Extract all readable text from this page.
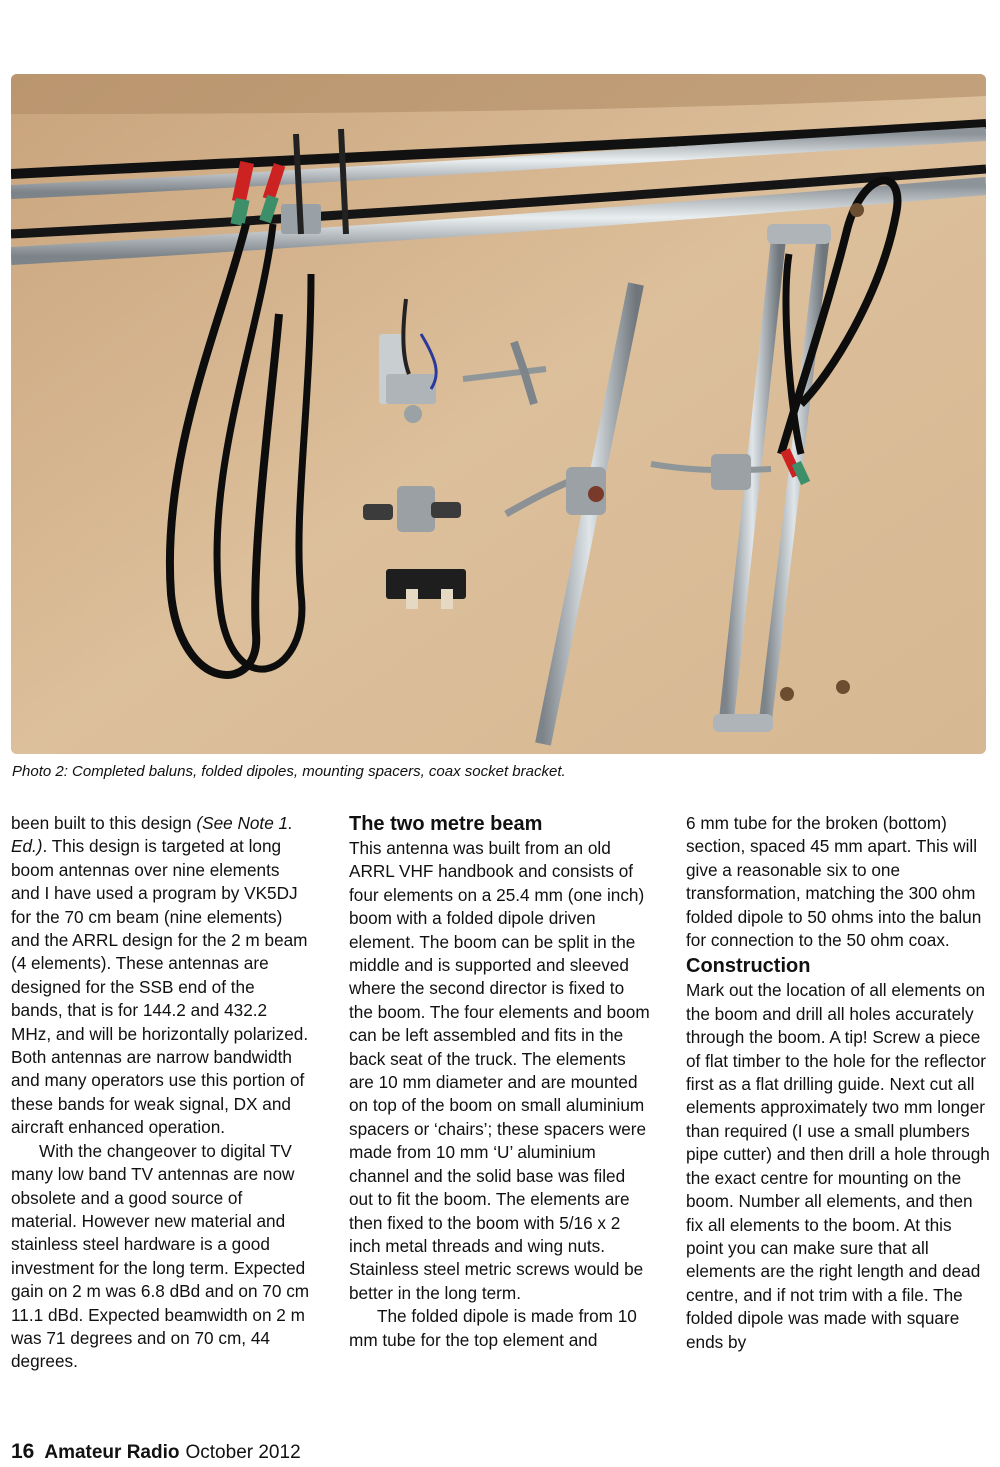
Photo 2: Completed baluns, folded dipoles, mounting spacers, coax socket bracket.

been built to this design (See Note 1. Ed.). This design is targeted at long boom antennas over nine elements and I have used a program by VK5DJ for the 70 cm beam (nine elements) and the ARRL design for the 2 m beam (4 elements). These antennas are designed for the SSB end of the bands, that is for 144.2 and 432.2 MHz, and will be horizontally polarized. Both antennas are narrow bandwidth and many operators use this portion of these bands for weak signal, DX and aircraft enhanced operation.

With the changeover to digital TV many low band TV antennas are now obsolete and a good source of material. However new material and stainless steel hardware is a good investment for the long term. Expected gain on 2 m was 6.8 dBd and on 70 cm 11.1 dBd. Expected beamwidth on 2 m was 71 degrees and on 70 cm, 44 degrees.

The two metre beam

This antenna was built from an old ARRL VHF handbook and consists of four elements on a 25.4 mm (one inch) boom with a folded dipole driven element. The boom can be split in the middle and is supported and sleeved where the second director is fixed to the boom. The four elements and boom can be left assembled and fits in the back seat of the truck. The elements are 10 mm diameter and are mounted on top of the boom on small aluminium spacers or ‘chairs’; these spacers were made from 10 mm ‘U’ aluminium channel and the solid base was filed out to fit the boom. The elements are then fixed to the boom with 5/16 x 2 inch metal threads and wing nuts. Stainless steel metric screws would be better in the long term.

The folded dipole is made from 10 mm tube for the top element and

6 mm tube for the broken (bottom) section, spaced 45 mm apart. This will give a reasonable six to one transformation, matching the 300 ohm folded dipole to 50 ohms into the balun for connection to the 50 ohm coax.

Construction

Mark out the location of all elements on the boom and drill all holes accurately through the boom. A tip! Screw a piece of flat timber to the hole for the reflector first as a flat drilling guide. Next cut all elements approximately two mm longer than required (I use a small plumbers pipe cutter) and then drill a hole through the exact centre for mounting on the boom. Number all elements, and then fix all elements to the boom. At this point you can make sure that all elements are the right length and dead centre, and if not trim with a file. The folded dipole was made with square ends by

16 Amateur Radio October 2012
